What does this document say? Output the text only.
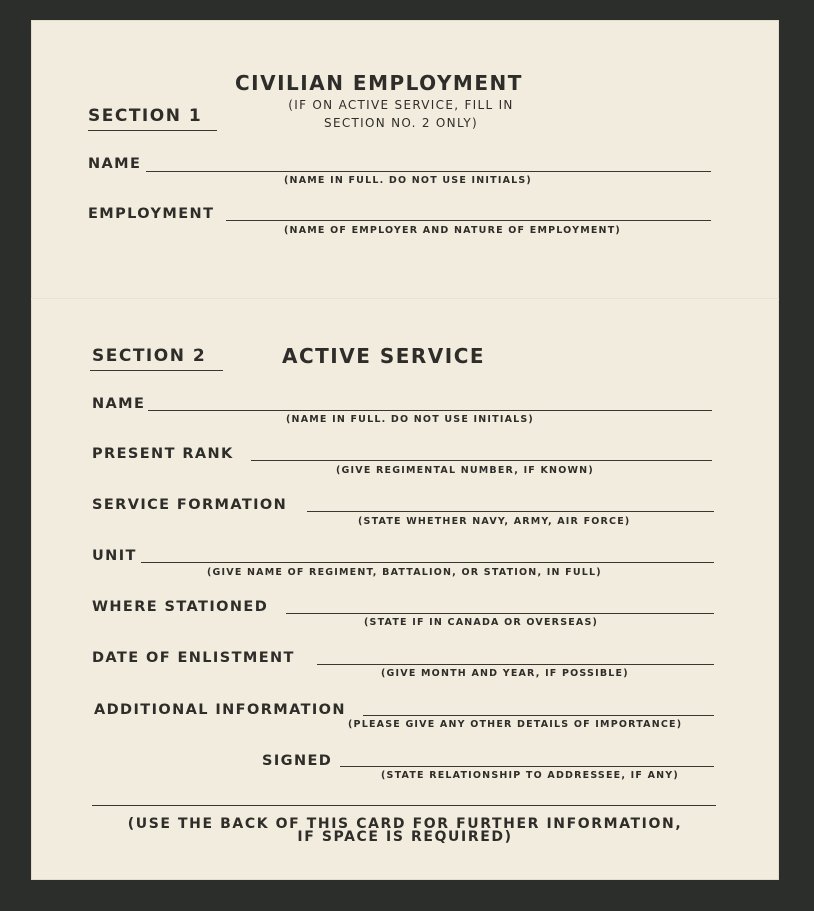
CIVILIAN EMPLOYMENT
(IF ON ACTIVE SERVICE, FILL IN
SECTION NO. 2 ONLY)
SECTION 1
NAME
(NAME IN FULL. DO NOT USE INITIALS)
EMPLOYMENT
(NAME OF EMPLOYER AND NATURE OF EMPLOYMENT)
SECTION 2	ACTIVE SERVICE
NAME
(NAME IN FULL. DO NOT USE INITIALS)
PRESENT RANK
(GIVE REGIMENTAL NUMBER, IF KNOWN)
SERVICE FORMATION
(STATE WHETHER NAVY, ARMY, AIR FORCE)
UNIT
(GIVE NAME OF REGIMENT, BATTALION, OR STATION, IN FULL)
WHERE STATIONED
(STATE IF IN CANADA OR OVERSEAS)
DATE OF ENLISTMENT
(GIVE MONTH AND YEAR, IF POSSIBLE)
ADDITIONAL INFORMATION
(PLEASE GIVE ANY OTHER DETAILS OF IMPORTANCE)
SIGNED
(STATE RELATIONSHIP TO ADDRESSEE, IF ANY)
(USE THE BACK OF THIS CARD FOR FURTHER INFORMATION,
IF SPACE IS REQUIRED)
